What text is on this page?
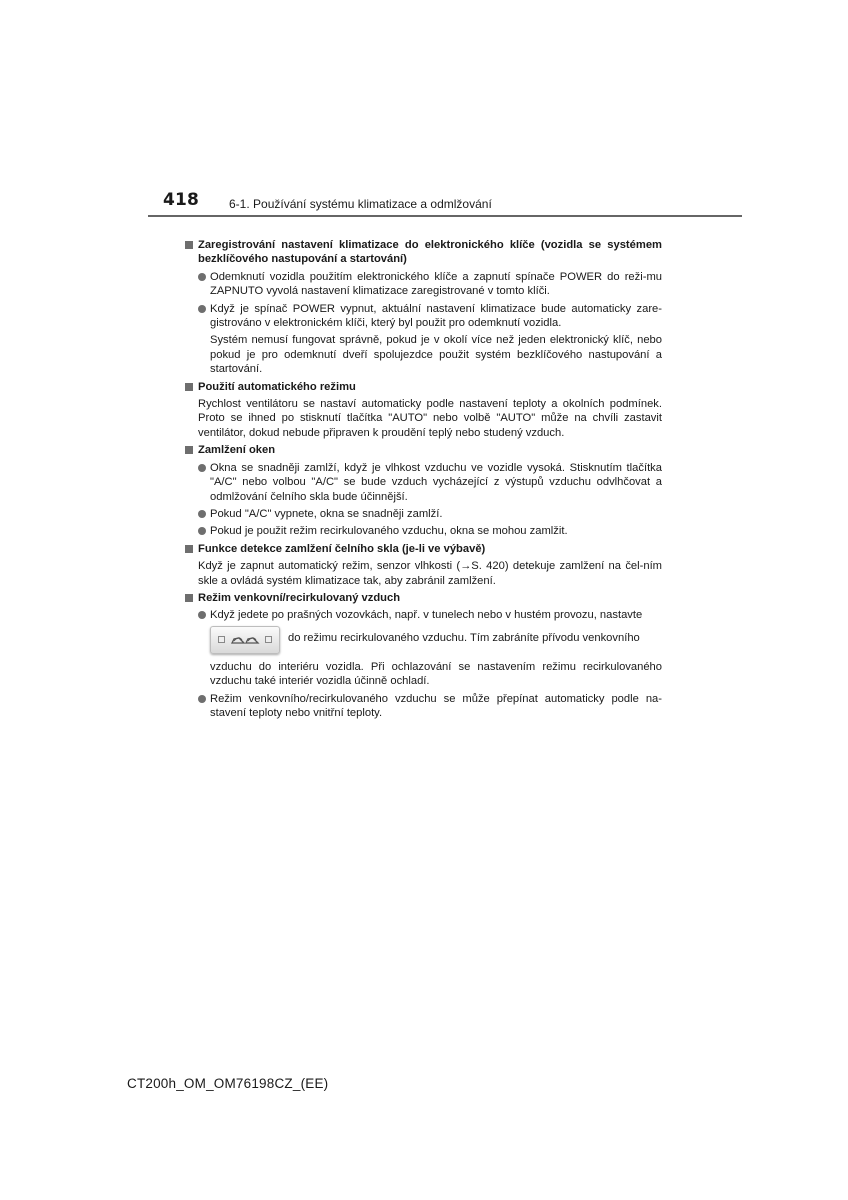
418 6-1. Používání systému klimatizace a odmlžování
Zaregistrování nastavení klimatizace do elektronického klíče (vozidla se systémem bezklíčového nastupování a startování)
Odemknutí vozidla použitím elektronického klíče a zapnutí spínače POWER do reži-mu ZAPNUTO vyvolá nastavení klimatizace zaregistrované v tomto klíči.
Když je spínač POWER vypnut, aktuální nastavení klimatizace bude automaticky zare-gistrováno v elektronickém klíči, který byl použit pro odemknutí vozidla.
Systém nemusí fungovat správně, pokud je v okolí více než jeden elektronický klíč, nebo pokud je pro odemknutí dveří spolujezdce použit systém bezklíčového nastupování a startování.
Použití automatického režimu
Rychlost ventilátoru se nastaví automaticky podle nastavení teploty a okolních podmínek. Proto se ihned po stisknutí tlačítka "AUTO" nebo volbě "AUTO" může na chvíli zastavit ventilátor, dokud nebude připraven k proudění teplý nebo studený vzduch.
Zamlžení oken
Okna se snadněji zamlží, když je vlhkost vzduchu ve vozidle vysoká. Stisknutím tlačítka "A/C" nebo volbou "A/C" se bude vzduch vycházející z výstupů vzduchu odvlhčovat a odmlžování čelního skla bude účinnější.
Pokud "A/C" vypnete, okna se snadněji zamlží.
Pokud je použit režim recirkulovaného vzduchu, okna se mohou zamlžit.
Funkce detekce zamlžení čelního skla (je-li ve výbavě)
Když je zapnut automatický režim, senzor vlhkosti (→S. 420) detekuje zamlžení na čel-ním skle a ovládá systém klimatizace tak, aby zabránil zamlžení.
Režim venkovní/recirkulovaný vzduch
Když jedete po prašných vozovkách, např. v tunelech nebo v hustém provozu, nastavte
do režimu recirkulovaného vzduchu. Tím zabráníte přívodu venkovního
vzduchu do interiéru vozidla. Při ochlazování se nastavením režimu recirkulovaného vzduchu také interiér vozidla účinně ochladí.
Režim venkovního/recirkulovaného vzduchu se může přepínat automaticky podle na-stavení teploty nebo vnitřní teploty.
CT200h_OM_OM76198CZ_(EE)
